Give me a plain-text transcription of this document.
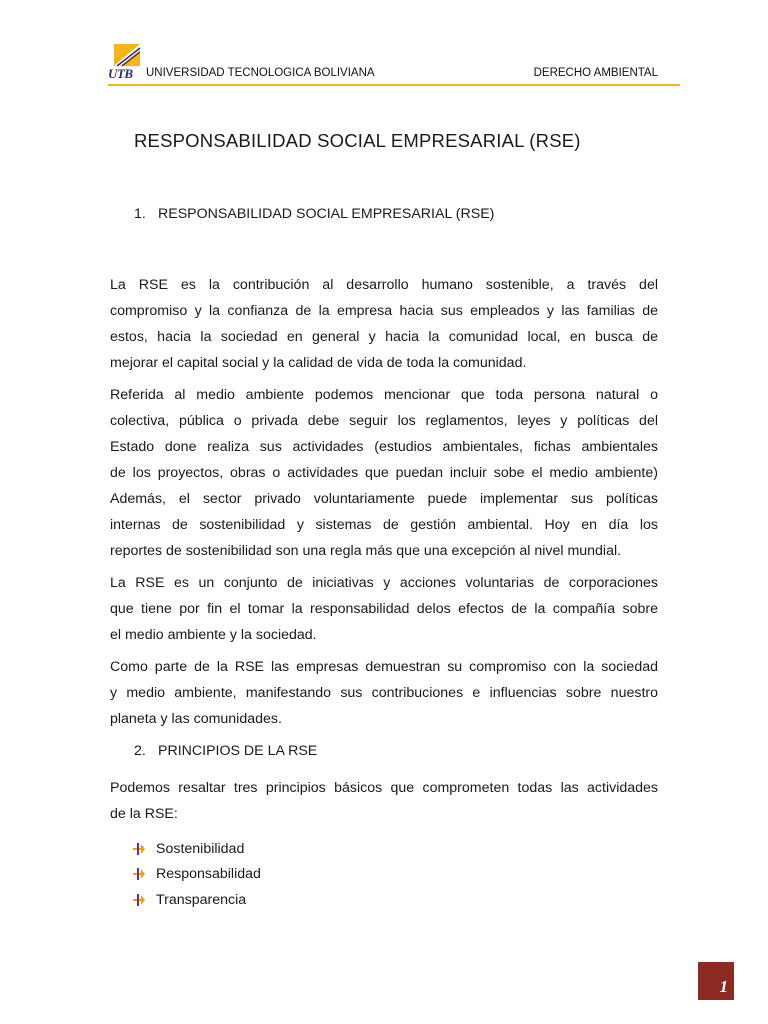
UTB UNIVERSIDAD TECNOLOGICA BOLIVIANA	DERECHO AMBIENTAL
RESPONSABILIDAD SOCIAL EMPRESARIAL (RSE)
1. RESPONSABILIDAD SOCIAL EMPRESARIAL (RSE)
La RSE es la contribución al desarrollo humano sostenible, a través del
compromiso y la confianza de la empresa hacia sus empleados y las familias de
estos, hacia la sociedad en general y hacia la comunidad local, en busca de
mejorar el capital social y la calidad de vida de toda la comunidad.
Referida al medio ambiente podemos mencionar que toda persona natural o
colectiva, pública o privada debe seguir los reglamentos, leyes y políticas del
Estado done realiza sus actividades (estudios ambientales, fichas ambientales
de los proyectos, obras o actividades que puedan incluir sobe el medio ambiente)
Además, el sector privado voluntariamente puede implementar sus políticas
internas de sostenibilidad y sistemas de gestión ambiental. Hoy en día los
reportes de sostenibilidad son una regla más que una excepción al nivel mundial.
La RSE es un conjunto de iniciativas y acciones voluntarias de corporaciones
que tiene por fin el tomar la responsabilidad delos efectos de la compañía sobre
el medio ambiente y la sociedad.
Como parte de la RSE las empresas demuestran su compromiso con la sociedad
y medio ambiente, manifestando sus contribuciones e influencias sobre nuestro
planeta y las comunidades.
2. PRINCIPIOS DE LA RSE
Podemos resaltar tres principios básicos que comprometen todas las actividades
de la RSE:
Sostenibilidad
Responsabilidad
Transparencia
1
